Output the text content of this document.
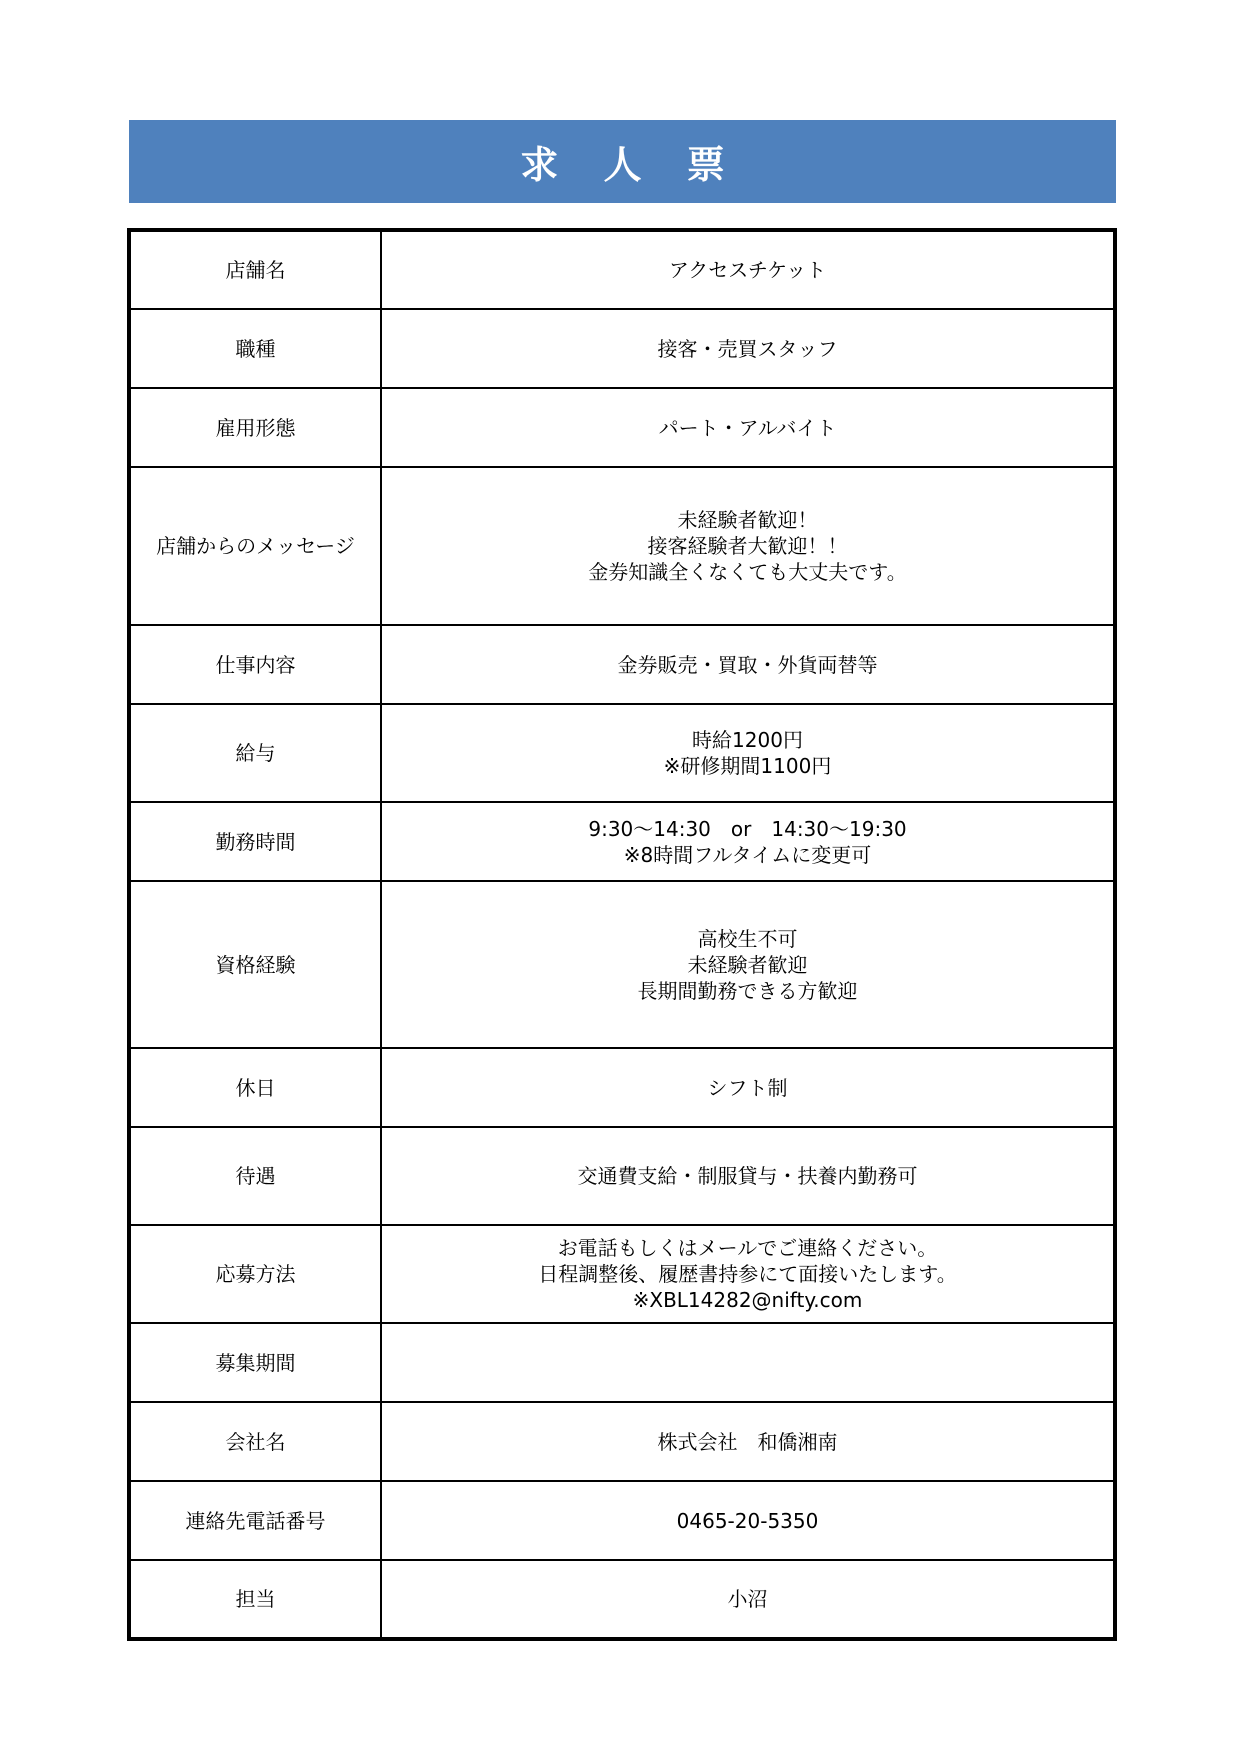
求 人 票
店舗名	アクセスチケット

職種	接客・売買スタッフ

雇用形態	パート・アルバイト

店舗からのメッセージ	未経験者歓迎！
接客経験者大歓迎！！
金券知識全くなくても大丈夫です。

仕事内容	金券販売・買取・外貨両替等

給与	時給1200円
※研修期間1100円

勤務時間	9:30〜14:30　or　14:30〜19:30
※8時間フルタイムに変更可

資格経験	高校生不可
未経験者歓迎
長期間勤務できる方歓迎

休日	シフト制

待遇	交通費支給・制服貸与・扶養内勤務可

応募方法	お電話もしくはメールでご連絡ください。
日程調整後、履歴書持参にて面接いたします。
※XBL14282@nifty.com

募集期間	
会社名	株式会社　和僑湘南

連絡先電話番号	0465-20-5350

担当	小沼
